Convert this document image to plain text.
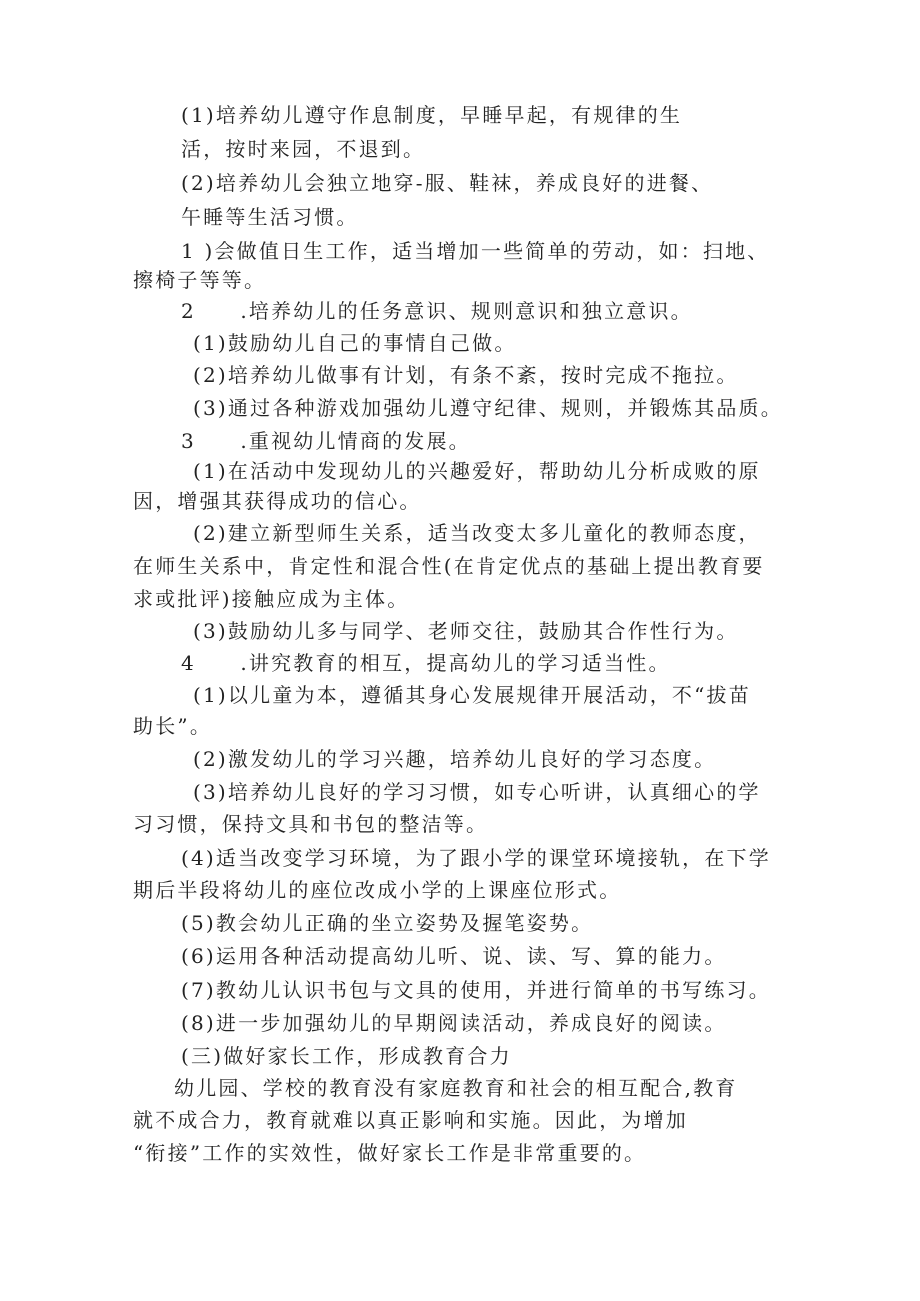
(1)培养幼儿遵守作息制度，早睡早起，有规律的生
活，按时来园，不退到。
(2)培养幼儿会独立地穿-服、鞋袜，养成良好的进餐、
午睡等生活习惯。
1 )会做值日生工作，适当增加一些简单的劳动，如：扫地、
擦椅子等等。
2　　.培养幼儿的任务意识、规则意识和独立意识。
(1)鼓励幼儿自己的事情自己做。
(2)培养幼儿做事有计划，有条不紊，按时完成不拖拉。
(3)通过各种游戏加强幼儿遵守纪律、规则，并锻炼其品质。
3　　.重视幼儿情商的发展。
(1)在活动中发现幼儿的兴趣爱好，帮助幼儿分析成败的原
因，增强其获得成功的信心。
(2)建立新型师生关系，适当改变太多儿童化的教师态度，
在师生关系中，肯定性和混合性(在肯定优点的基础上提出教育要
求或批评)接触应成为主体。
(3)鼓励幼儿多与同学、老师交往，鼓励其合作性行为。
4　　.讲究教育的相互，提高幼儿的学习适当性。
(1)以儿童为本，遵循其身心发展规律开展活动，不“拔苗
助长”。
(2)激发幼儿的学习兴趣，培养幼儿良好的学习态度。
(3)培养幼儿良好的学习习惯，如专心听讲，认真细心的学
习习惯，保持文具和书包的整洁等。
(4)适当改变学习环境，为了跟小学的课堂环境接轨，在下学
期后半段将幼儿的座位改成小学的上课座位形式。
(5)教会幼儿正确的坐立姿势及握笔姿势。
(6)运用各种活动提高幼儿听、说、读、写、算的能力。
(7)教幼儿认识书包与文具的使用，并进行简单的书写练习。
(8)进一步加强幼儿的早期阅读活动，养成良好的阅读。
(三)做好家长工作，形成教育合力
幼儿园、学校的教育没有家庭教育和社会的相互配合,教育
就不成合力，教育就难以真正影响和实施。因此，为增加
“衔接”工作的实效性，做好家长工作是非常重要的。
